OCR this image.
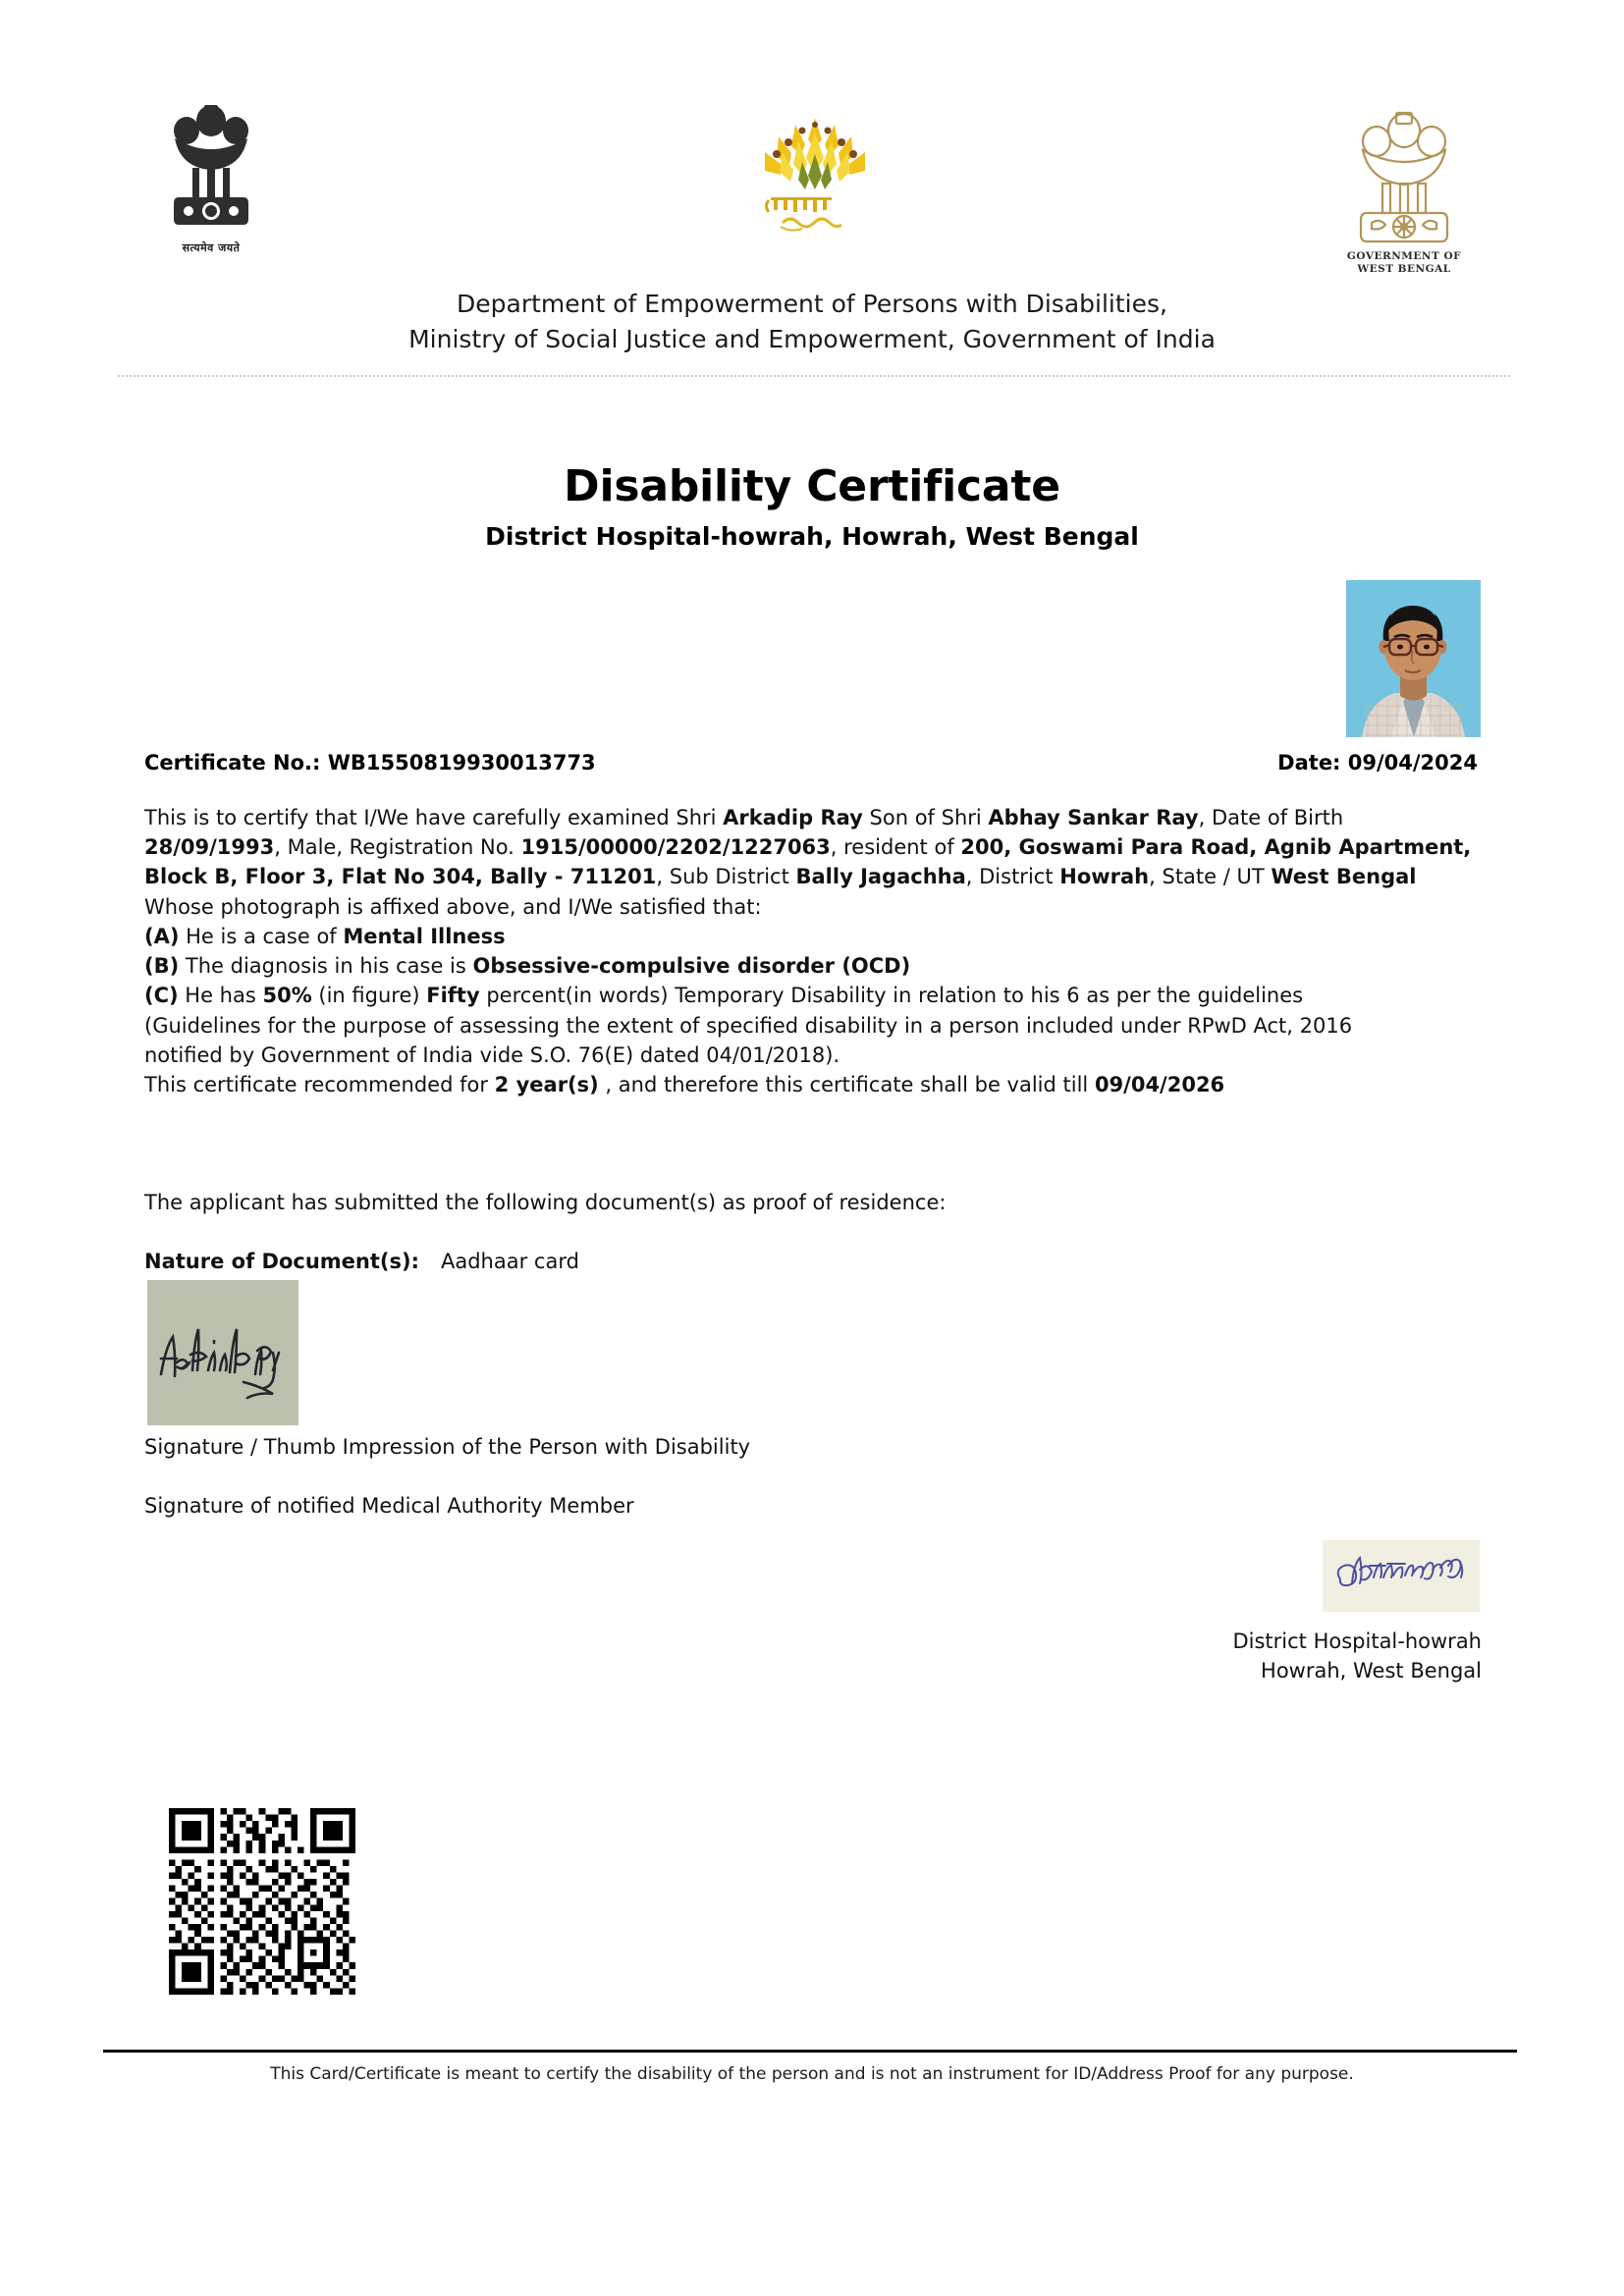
सत्यमेव जयते
GOVERNMENT OF
WEST BENGAL
Department of Empowerment of Persons with Disabilities,
Ministry of Social Justice and Empowerment, Government of India
Disability Certificate
District Hospital-howrah, Howrah, West Bengal
Certificate No.: WB1550819930013773	Date: 09/04/2024

This is to certify that I/We have carefully examined Shri Arkadip Ray Son of Shri Abhay Sankar Ray, Date of Birth 28/09/1993, Male, Registration No. 1915/00000/2202/1227063, resident of 200, Goswami Para Road, Agnib Apartment, Block B, Floor 3, Flat No 304, Bally - 711201, Sub District Bally Jagachha, District Howrah, State / UT West Bengal

Whose photograph is affixed above, and I/We satisfied that:

(A) He is a case of Mental Illness

(B) The diagnosis in his case is Obsessive-compulsive disorder (OCD)

(C) He has 50% (in figure) Fifty percent(in words) Temporary Disability in relation to his 6 as per the guidelines

(Guidelines for the purpose of assessing the extent of specified disability in a person included under RPwD Act, 2016

notified by Government of India vide S.O. 76(E) dated 04/01/2018).

This certificate recommended for 2 year(s) , and therefore this certificate shall be valid till 09/04/2026

The applicant has submitted the following document(s) as proof of residence:
Nature of Document(s): Aadhaar card
Signature / Thumb Impression of the Person with Disability
Signature of notified Medical Authority Member
District Hospital-howrah
Howrah, West Bengal
This Card/Certificate is meant to certify the disability of the person and is not an instrument for ID/Address Proof for any purpose.
